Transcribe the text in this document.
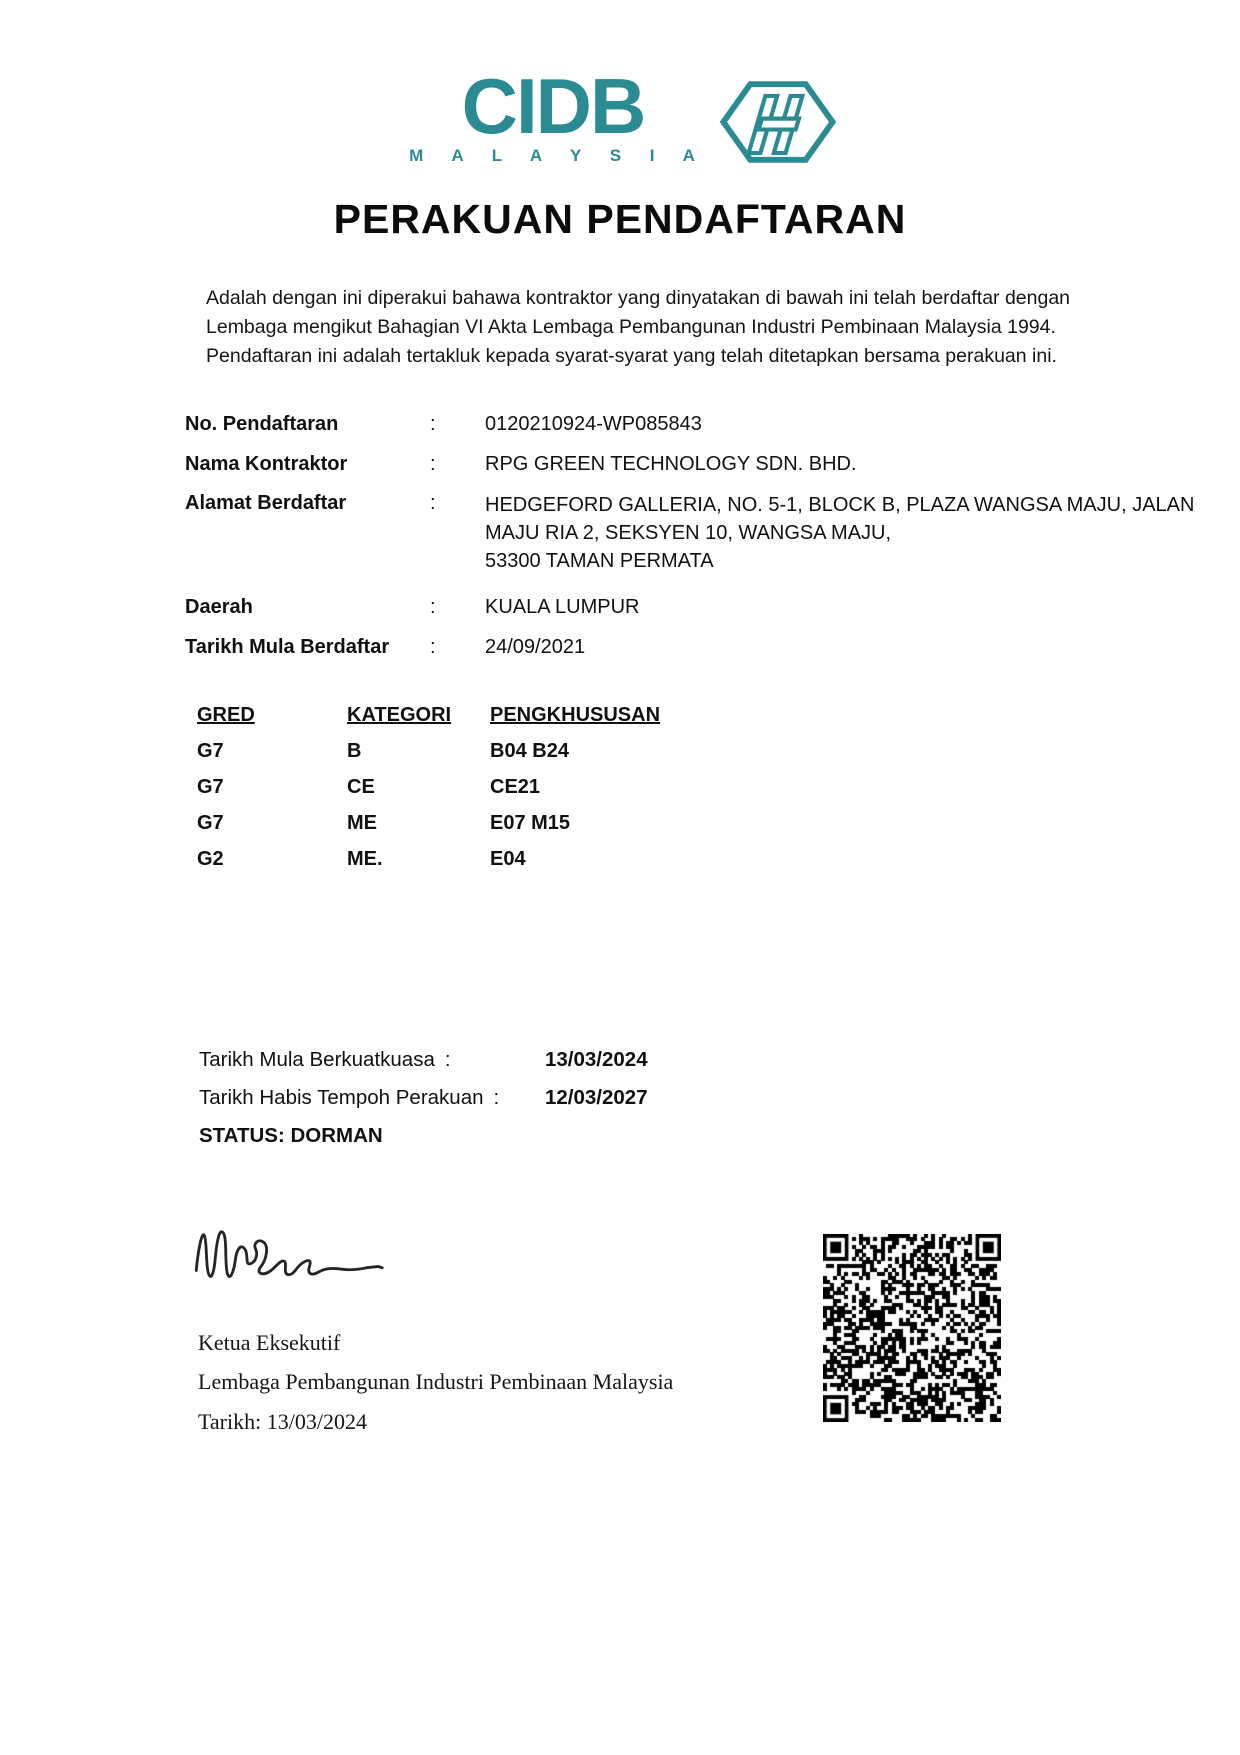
CIDB
M A L A Y S I A
PERAKUAN PENDAFTARAN
Adalah dengan ini diperakui bahawa kontraktor yang dinyatakan di bawah ini telah berdaftar dengan
Lembaga mengikut Bahagian VI Akta Lembaga Pembangunan Industri Pembinaan Malaysia 1994.
Pendaftaran ini adalah tertakluk kepada syarat-syarat yang telah ditetapkan bersama perakuan ini.
No. Pendaftaran	: 0120210924-WP085843
Nama Kontraktor	: RPG GREEN TECHNOLOGY SDN. BHD.
Alamat Berdaftar	: HEDGEFORD GALLERIA, NO. 5-1, BLOCK B, PLAZA WANGSA MAJU, JALAN
MAJU RIA 2, SEKSYEN 10, WANGSA MAJU,
53300 TAMAN PERMATA
Daerah	: KUALA LUMPUR
Tarikh Mula Berdaftar : 24/09/2021
GRED	KATEGORI	PENGKHUSUSAN
G7	B	B04 B24
G7	CE	CE21
G7	ME	E07 M15
G2	ME.	E04
Tarikh Mula Berkuatkuasa :	13/03/2024
Tarikh Habis Tempoh Perakuan : 12/03/2027
STATUS: DORMAN
Ketua Eksekutif
Lembaga Pembangunan Industri Pembinaan Malaysia
Tarikh: 13/03/2024
